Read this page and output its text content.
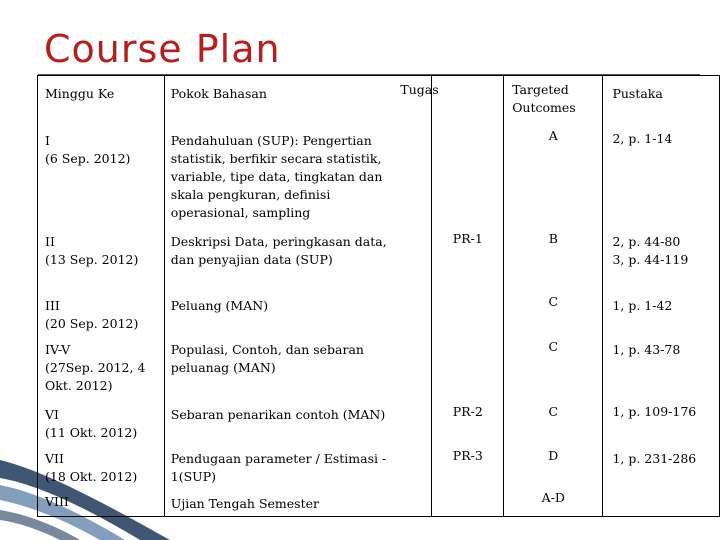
Course Plan
Minggu Ke	Pokok Bahasan	Tugas	Targeted Outcomes	Pustaka

I
(6 Sep. 2012)	Pendahuluan (SUP): Pengertian statistik, berfikir secara statistik, variable, tipe data, tingkatan dan skala pengkuran, definisi operasional, sampling		A	2, p. 1-14

II
(13 Sep. 2012)	Deskripsi Data, peringkasan data, dan penyajian data (SUP)	PR-1	B	2, p. 44-80
3, p. 44-119

III
(20 Sep. 2012)	Peluang (MAN)		C	1, p. 1-42

IV-V
(27Sep. 2012, 4 Okt. 2012)	Populasi, Contoh, dan sebaran peluanag (MAN)		C	1, p. 43-78

VI
(11 Okt. 2012)	Sebaran penarikan contoh (MAN)	PR-2	C	1, p. 109-176

VII
(18 Okt. 2012)	Pendugaan parameter / Estimasi - 1(SUP)	PR-3	D	1, p. 231-286

VIII	Ujian Tengah Semester		A-D	
